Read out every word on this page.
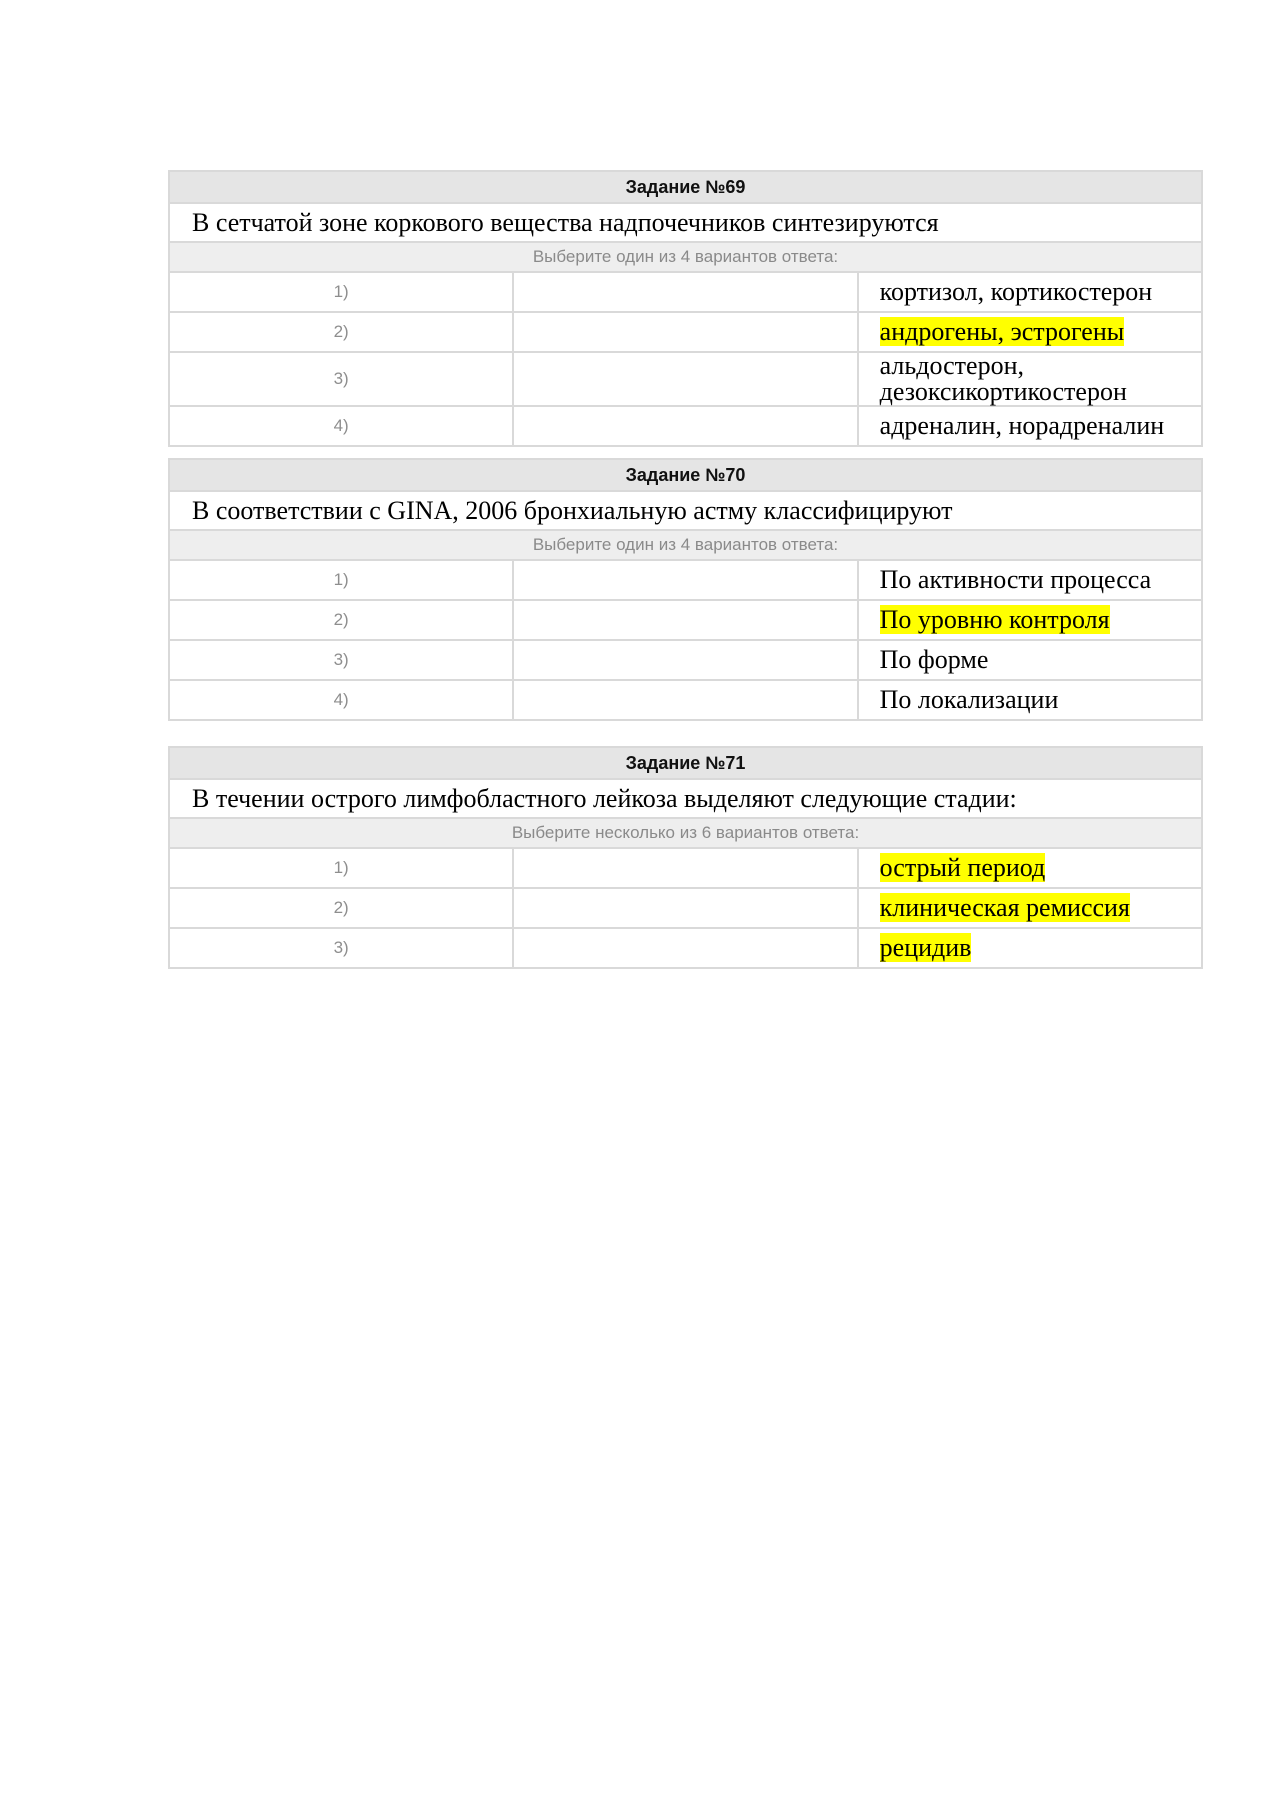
Задание №69		
В сетчатой зоне коркового вещества надпочечников синтезируются		
Выберите один из 4 вариантов ответа:		
1)		кортизол, кортикостерон
2)		андрогены, эстрогены
3)		альдостерон, дезоксикортикостерон
4)		адреналин, норадреналин
Задание №70		
В соответствии с GINA, 2006 бронхиальную астму классифицируют		
Выберите один из 4 вариантов ответа:		
1)		По активности процесса
2)		По уровню контроля
3)		По форме
4)		По локализации
Задание №71		
В течении острого лимфобластного лейкоза выделяют следующие стадии:		
Выберите несколько из 6 вариантов ответа:		
1)		острый период
2)		клиническая ремиссия
3)		рецидив
